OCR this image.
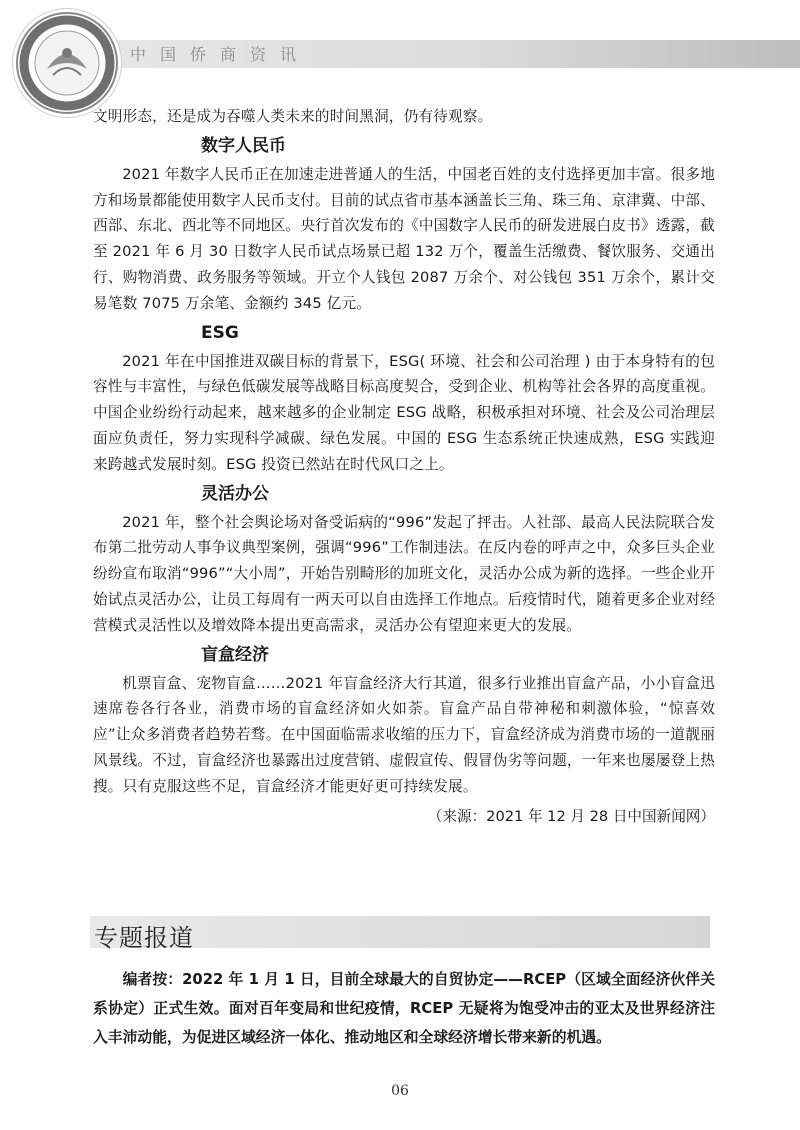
中国侨商资讯

文明形态，还是成为吞噬人类未来的时间黑洞，仍有待观察。

数字人民币

2021 年数字人民币正在加速走进普通人的生活，中国老百姓的支付选择更加丰富。很多地方和场景都能使用数字人民币支付。目前的试点省市基本涵盖长三角、珠三角、京津冀、中部、西部、东北、西北等不同地区。央行首次发布的《中国数字人民币的研发进展白皮书》透露，截至 2021 年 6 月 30 日数字人民币试点场景已超 132 万个，覆盖生活缴费、餐饮服务、交通出行、购物消费、政务服务等领域。开立个人钱包 2087 万余个、对公钱包 351 万余个，累计交易笔数 7075 万余笔、金额约 345 亿元。

ESG

2021 年在中国推进双碳目标的背景下，ESG( 环境、社会和公司治理 ) 由于本身特有的包容性与丰富性，与绿色低碳发展等战略目标高度契合，受到企业、机构等社会各界的高度重视。中国企业纷纷行动起来，越来越多的企业制定 ESG 战略，积极承担对环境、社会及公司治理层面应负责任，努力实现科学减碳、绿色发展。中国的 ESG 生态系统正快速成熟，ESG 实践迎来跨越式发展时刻。ESG 投资已然站在时代风口之上。

灵活办公

2021 年，整个社会舆论场对备受诟病的“996”发起了抨击。人社部、最高人民法院联合发布第二批劳动人事争议典型案例，强调“996”工作制违法。在反内卷的呼声之中，众多巨头企业纷纷宣布取消“996”“大小周”，开始告别畸形的加班文化，灵活办公成为新的选择。一些企业开始试点灵活办公，让员工每周有一两天可以自由选择工作地点。后疫情时代，随着更多企业对经营模式灵活性以及增效降本提出更高需求，灵活办公有望迎来更大的发展。

盲盒经济

机票盲盒、宠物盲盒……2021 年盲盒经济大行其道，很多行业推出盲盒产品，小小盲盒迅速席卷各行各业，消费市场的盲盒经济如火如荼。盲盒产品自带神秘和刺激体验，“惊喜效应”让众多消费者趋势若骛。在中国面临需求收缩的压力下，盲盒经济成为消费市场的一道靓丽风景线。不过，盲盒经济也暴露出过度营销、虚假宣传、假冒伪劣等问题，一年来也屡屡登上热搜。只有克服这些不足，盲盒经济才能更好更可持续发展。

（来源：2021 年 12 月 28 日中国新闻网）

专题报道

编者按：2022 年 1 月 1 日，目前全球最大的自贸协定——RCEP（区域全面经济伙伴关系协定）正式生效。面对百年变局和世纪疫情，RCEP 无疑将为饱受冲击的亚太及世界经济注入丰沛动能，为促进区域经济一体化、推动地区和全球经济增长带来新的机遇。

06
